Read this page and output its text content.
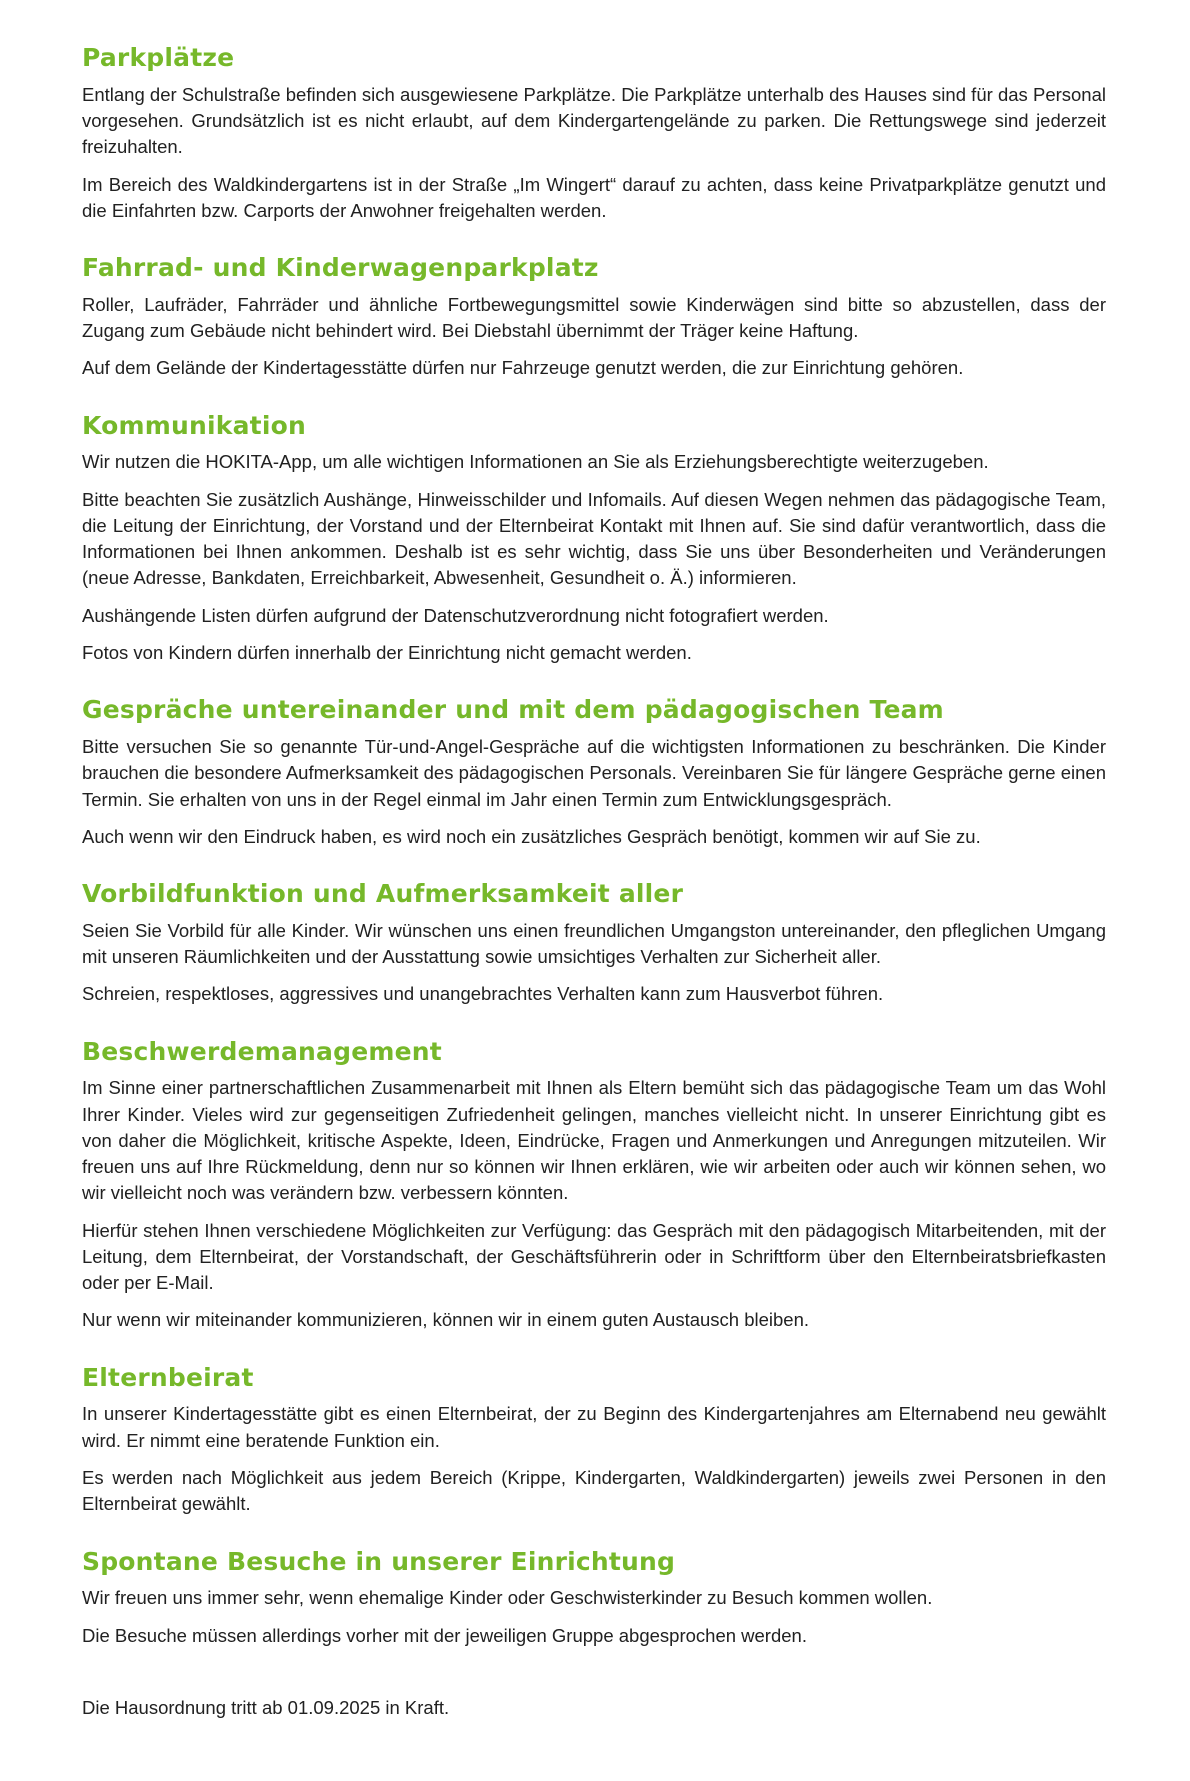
Parkplätze

Entlang der Schulstraße befinden sich ausgewiesene Parkplätze. Die Parkplätze unterhalb des Hauses sind für das Personal vorgesehen. Grundsätzlich ist es nicht erlaubt, auf dem Kindergartengelände zu parken. Die Rettungswege sind jederzeit freizuhalten.

Im Bereich des Waldkindergartens ist in der Straße „Im Wingert“ darauf zu achten, dass keine Privatparkplätze genutzt und die Einfahrten bzw. Carports der Anwohner freigehalten werden.

Fahrrad- und Kinderwagenparkplatz

Roller, Laufräder, Fahrräder und ähnliche Fortbewegungsmittel sowie Kinderwägen sind bitte so abzustellen, dass der Zugang zum Gebäude nicht behindert wird. Bei Diebstahl übernimmt der Träger keine Haftung.

Auf dem Gelände der Kindertagesstätte dürfen nur Fahrzeuge genutzt werden, die zur Einrichtung gehören.

Kommunikation

Wir nutzen die HOKITA-App, um alle wichtigen Informationen an Sie als Erziehungsberechtigte weiterzugeben.

Bitte beachten Sie zusätzlich Aushänge, Hinweisschilder und Infomails. Auf diesen Wegen nehmen das pädagogische Team, die Leitung der Einrichtung, der Vorstand und der Elternbeirat Kontakt mit Ihnen auf. Sie sind dafür verantwortlich, dass die Informationen bei Ihnen ankommen. Deshalb ist es sehr wichtig, dass Sie uns über Besonderheiten und Veränderungen (neue Adresse, Bankdaten, Erreichbarkeit, Abwesenheit, Gesundheit o. Ä.) informieren.

Aushängende Listen dürfen aufgrund der Datenschutzverordnung nicht fotografiert werden.

Fotos von Kindern dürfen innerhalb der Einrichtung nicht gemacht werden.

Gespräche untereinander und mit dem pädagogischen Team

Bitte versuchen Sie so genannte Tür-und-Angel-Gespräche auf die wichtigsten Informationen zu beschränken. Die Kinder brauchen die besondere Aufmerksamkeit des pädagogischen Personals. Vereinbaren Sie für längere Gespräche gerne einen Termin. Sie erhalten von uns in der Regel einmal im Jahr einen Termin zum Entwicklungsgespräch.

Auch wenn wir den Eindruck haben, es wird noch ein zusätzliches Gespräch benötigt, kommen wir auf Sie zu.

Vorbildfunktion und Aufmerksamkeit aller

Seien Sie Vorbild für alle Kinder. Wir wünschen uns einen freundlichen Umgangston untereinander, den pfleglichen Umgang mit unseren Räumlichkeiten und der Ausstattung sowie umsichtiges Verhalten zur Sicherheit aller.

Schreien, respektloses, aggressives und unangebrachtes Verhalten kann zum Hausverbot führen.

Beschwerdemanagement

Im Sinne einer partnerschaftlichen Zusammenarbeit mit Ihnen als Eltern bemüht sich das pädagogische Team um das Wohl Ihrer Kinder. Vieles wird zur gegenseitigen Zufriedenheit gelingen, manches vielleicht nicht. In unserer Einrichtung gibt es von daher die Möglichkeit, kritische Aspekte, Ideen, Eindrücke, Fragen und Anmerkungen und Anregungen mitzuteilen. Wir freuen uns auf Ihre Rückmeldung, denn nur so können wir Ihnen erklären, wie wir arbeiten oder auch wir können sehen, wo wir vielleicht noch was verändern bzw. verbessern könnten.

Hierfür stehen Ihnen verschiedene Möglichkeiten zur Verfügung: das Gespräch mit den pädagogisch Mitarbeitenden, mit der Leitung, dem Elternbeirat, der Vorstandschaft, der Geschäftsführerin oder in Schriftform über den Elternbeiratsbriefkasten oder per E-Mail.

Nur wenn wir miteinander kommunizieren, können wir in einem guten Austausch bleiben.

Elternbeirat

In unserer Kindertagesstätte gibt es einen Elternbeirat, der zu Beginn des Kindergartenjahres am Elternabend neu gewählt wird. Er nimmt eine beratende Funktion ein.

Es werden nach Möglichkeit aus jedem Bereich (Krippe, Kindergarten, Waldkindergarten) jeweils zwei Personen in den Elternbeirat gewählt.

Spontane Besuche in unserer Einrichtung

Wir freuen uns immer sehr, wenn ehemalige Kinder oder Geschwisterkinder zu Besuch kommen wollen.

Die Besuche müssen allerdings vorher mit der jeweiligen Gruppe abgesprochen werden.

Die Hausordnung tritt ab 01.09.2025 in Kraft.
